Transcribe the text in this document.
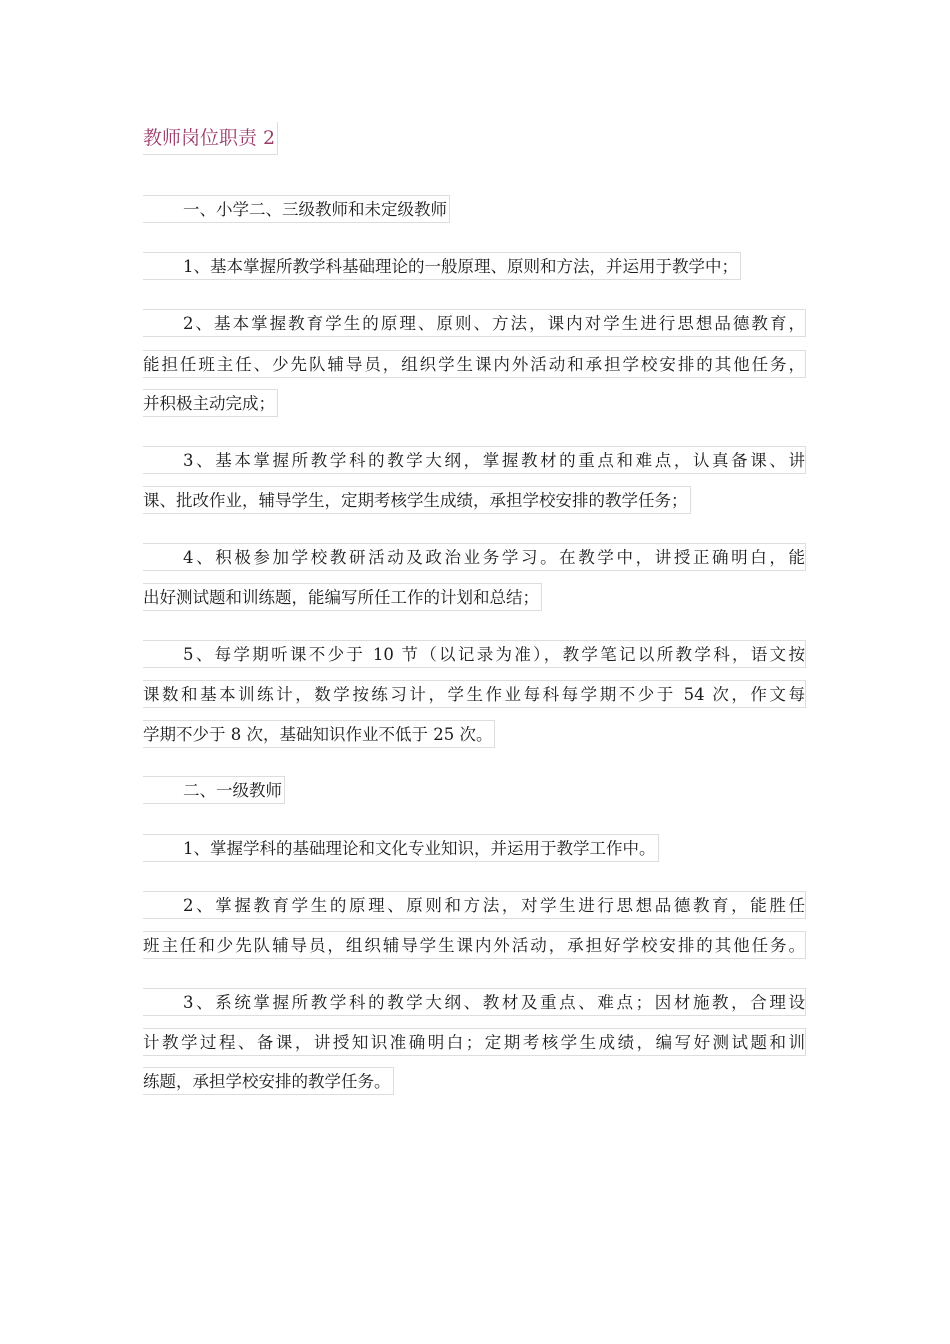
教师岗位职责 2
一、小学二、三级教师和未定级教师
1、基本掌握所教学科基础理论的一般原理、原则和方法，并运用于教学中；
2、基本掌握教育学生的原理、原则、方法，课内对学生进行思想品德教育，
能担任班主任、少先队辅导员，组织学生课内外活动和承担学校安排的其他任务，
并积极主动完成；
3、基本掌握所教学科的教学大纲，掌握教材的重点和难点，认真备课、讲
课、批改作业，辅导学生，定期考核学生成绩，承担学校安排的教学任务；
4、积极参加学校教研活动及政治业务学习。在教学中，讲授正确明白，能
出好测试题和训练题，能编写所任工作的计划和总结；
5、每学期听课不少于 10 节（以记录为准），教学笔记以所教学科，语文按
课数和基本训练计，数学按练习计，学生作业每科每学期不少于 54 次，作文每
学期不少于 8 次，基础知识作业不低于 25 次。
二、一级教师
1、掌握学科的基础理论和文化专业知识，并运用于教学工作中。
2、掌握教育学生的原理、原则和方法，对学生进行思想品德教育，能胜任
班主任和少先队辅导员，组织辅导学生课内外活动，承担好学校安排的其他任务。
3、系统掌握所教学科的教学大纲、教材及重点、难点；因材施教，合理设
计教学过程、备课，讲授知识准确明白；定期考核学生成绩，编写好测试题和训
练题，承担学校安排的教学任务。
